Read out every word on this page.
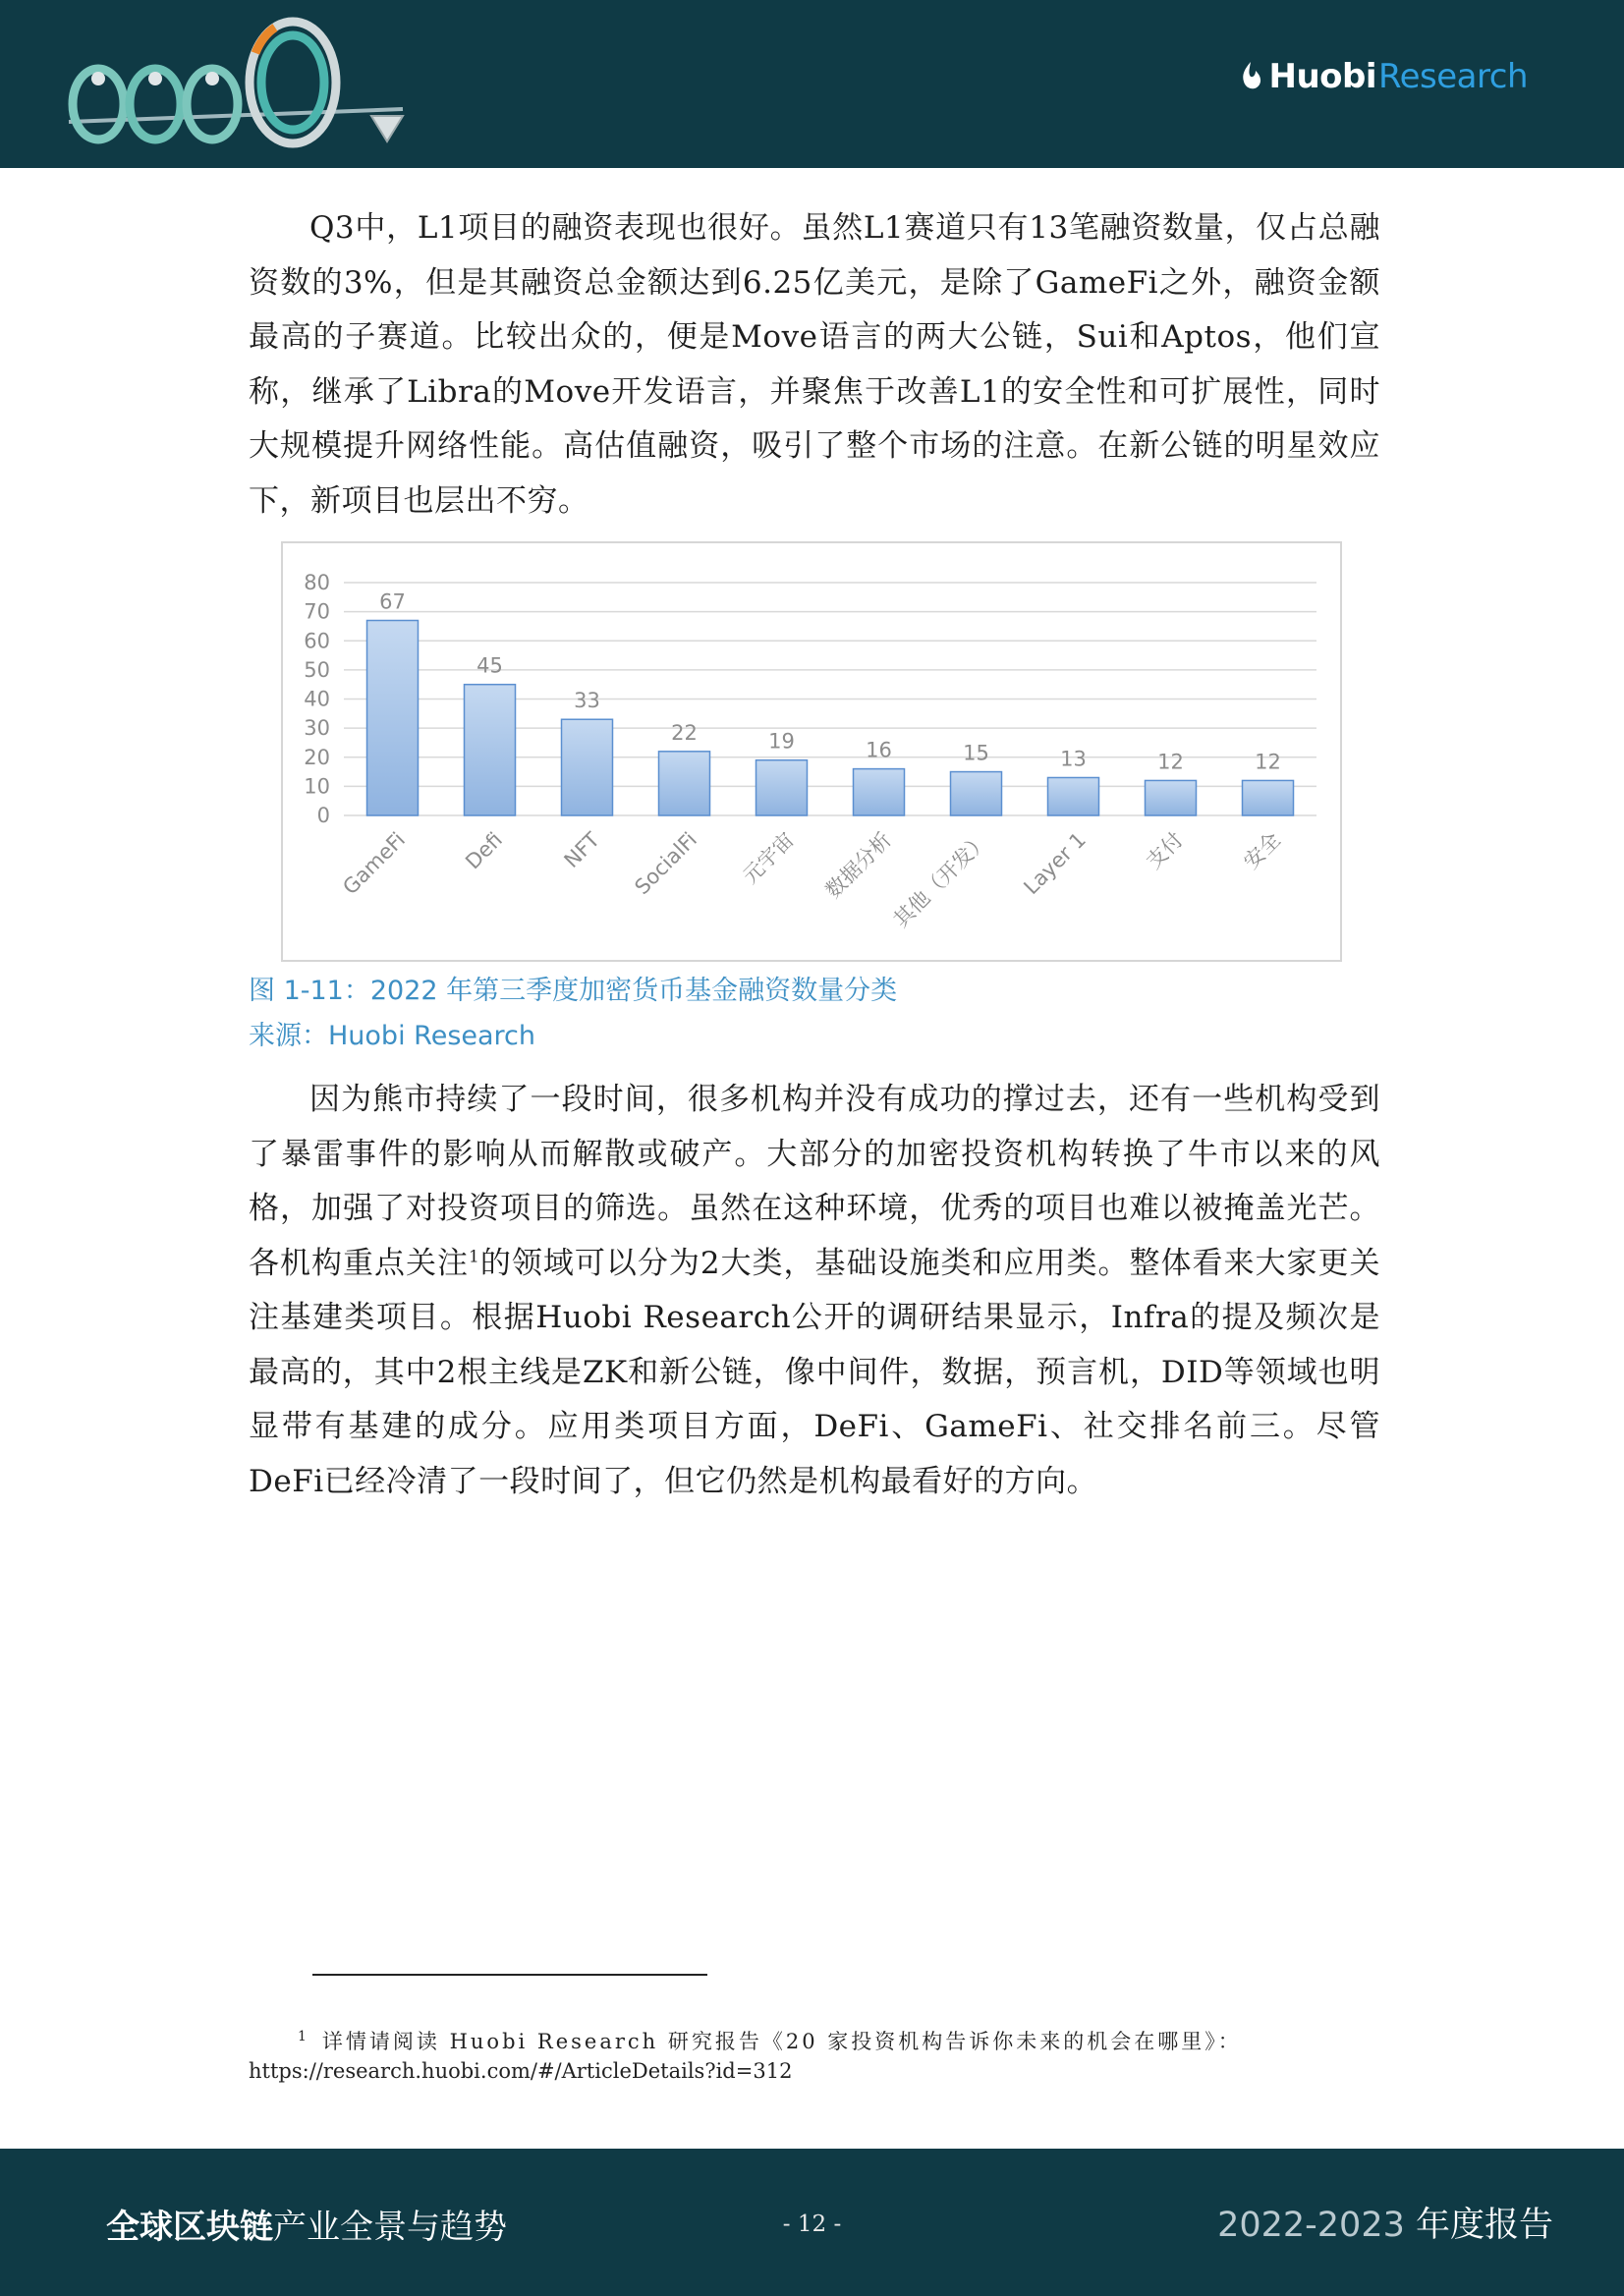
Huobi Research

Q3中，L1项目的融资表现也很好。虽然L1赛道只有13笔融资数量，仅占总融资数的3%，但是其融资总金额达到6.25亿美元，是除了GameFi之外，融资金额最高的子赛道。比较出众的，便是Move语言的两大公链，Sui和Aptos，他们宣称，继承了Libra的Move开发语言，并聚焦于改善L1的安全性和可扩展性，同时大规模提升网络性能。高估值融资，吸引了整个市场的注意。在新公链的明星效应下，新项目也层出不穷。

0
10
20
30
40
50
60
70
80
67
GameFi
45
Defi
33
NFT
22
SocialFi
19
元宇宙
16
数据分析
15
其他（开发）
13
Layer 1
12
支付
12
安全
图 1-11：2022 年第三季度加密货币基金融资数量分类
来源：Huobi Research

因为熊市持续了一段时间，很多机构并没有成功的撑过去，还有一些机构受到了暴雷事件的影响从而解散或破产。大部分的加密投资机构转换了牛市以来的风格，加强了对投资项目的筛选。虽然在这种环境，优秀的项目也难以被掩盖光芒。各机构重点关注$^1$的领域可以分为2大类，基础设施类和应用类。整体看来大家更关注基建类项目。根据Huobi Research公开的调研结果显示，Infra的提及频次是最高的，其中2根主线是ZK和新公链，像中间件，数据，预言机，DID等领域也明显带有基建的成分。应用类项目方面，DeFi、GameFi、社交排名前三。尽管DeFi已经冷清了一段时间了，但它仍然是机构最看好的方向。

$^1$ 详情请阅读 Huobi Research 研究报告《20 家投资机构告诉你未来的机会在哪里》：
https://research.huobi.com/#/ArticleDetails?id=312
全球区块链产业全景与趋势	- 12 -	2022-2023 年度报告
